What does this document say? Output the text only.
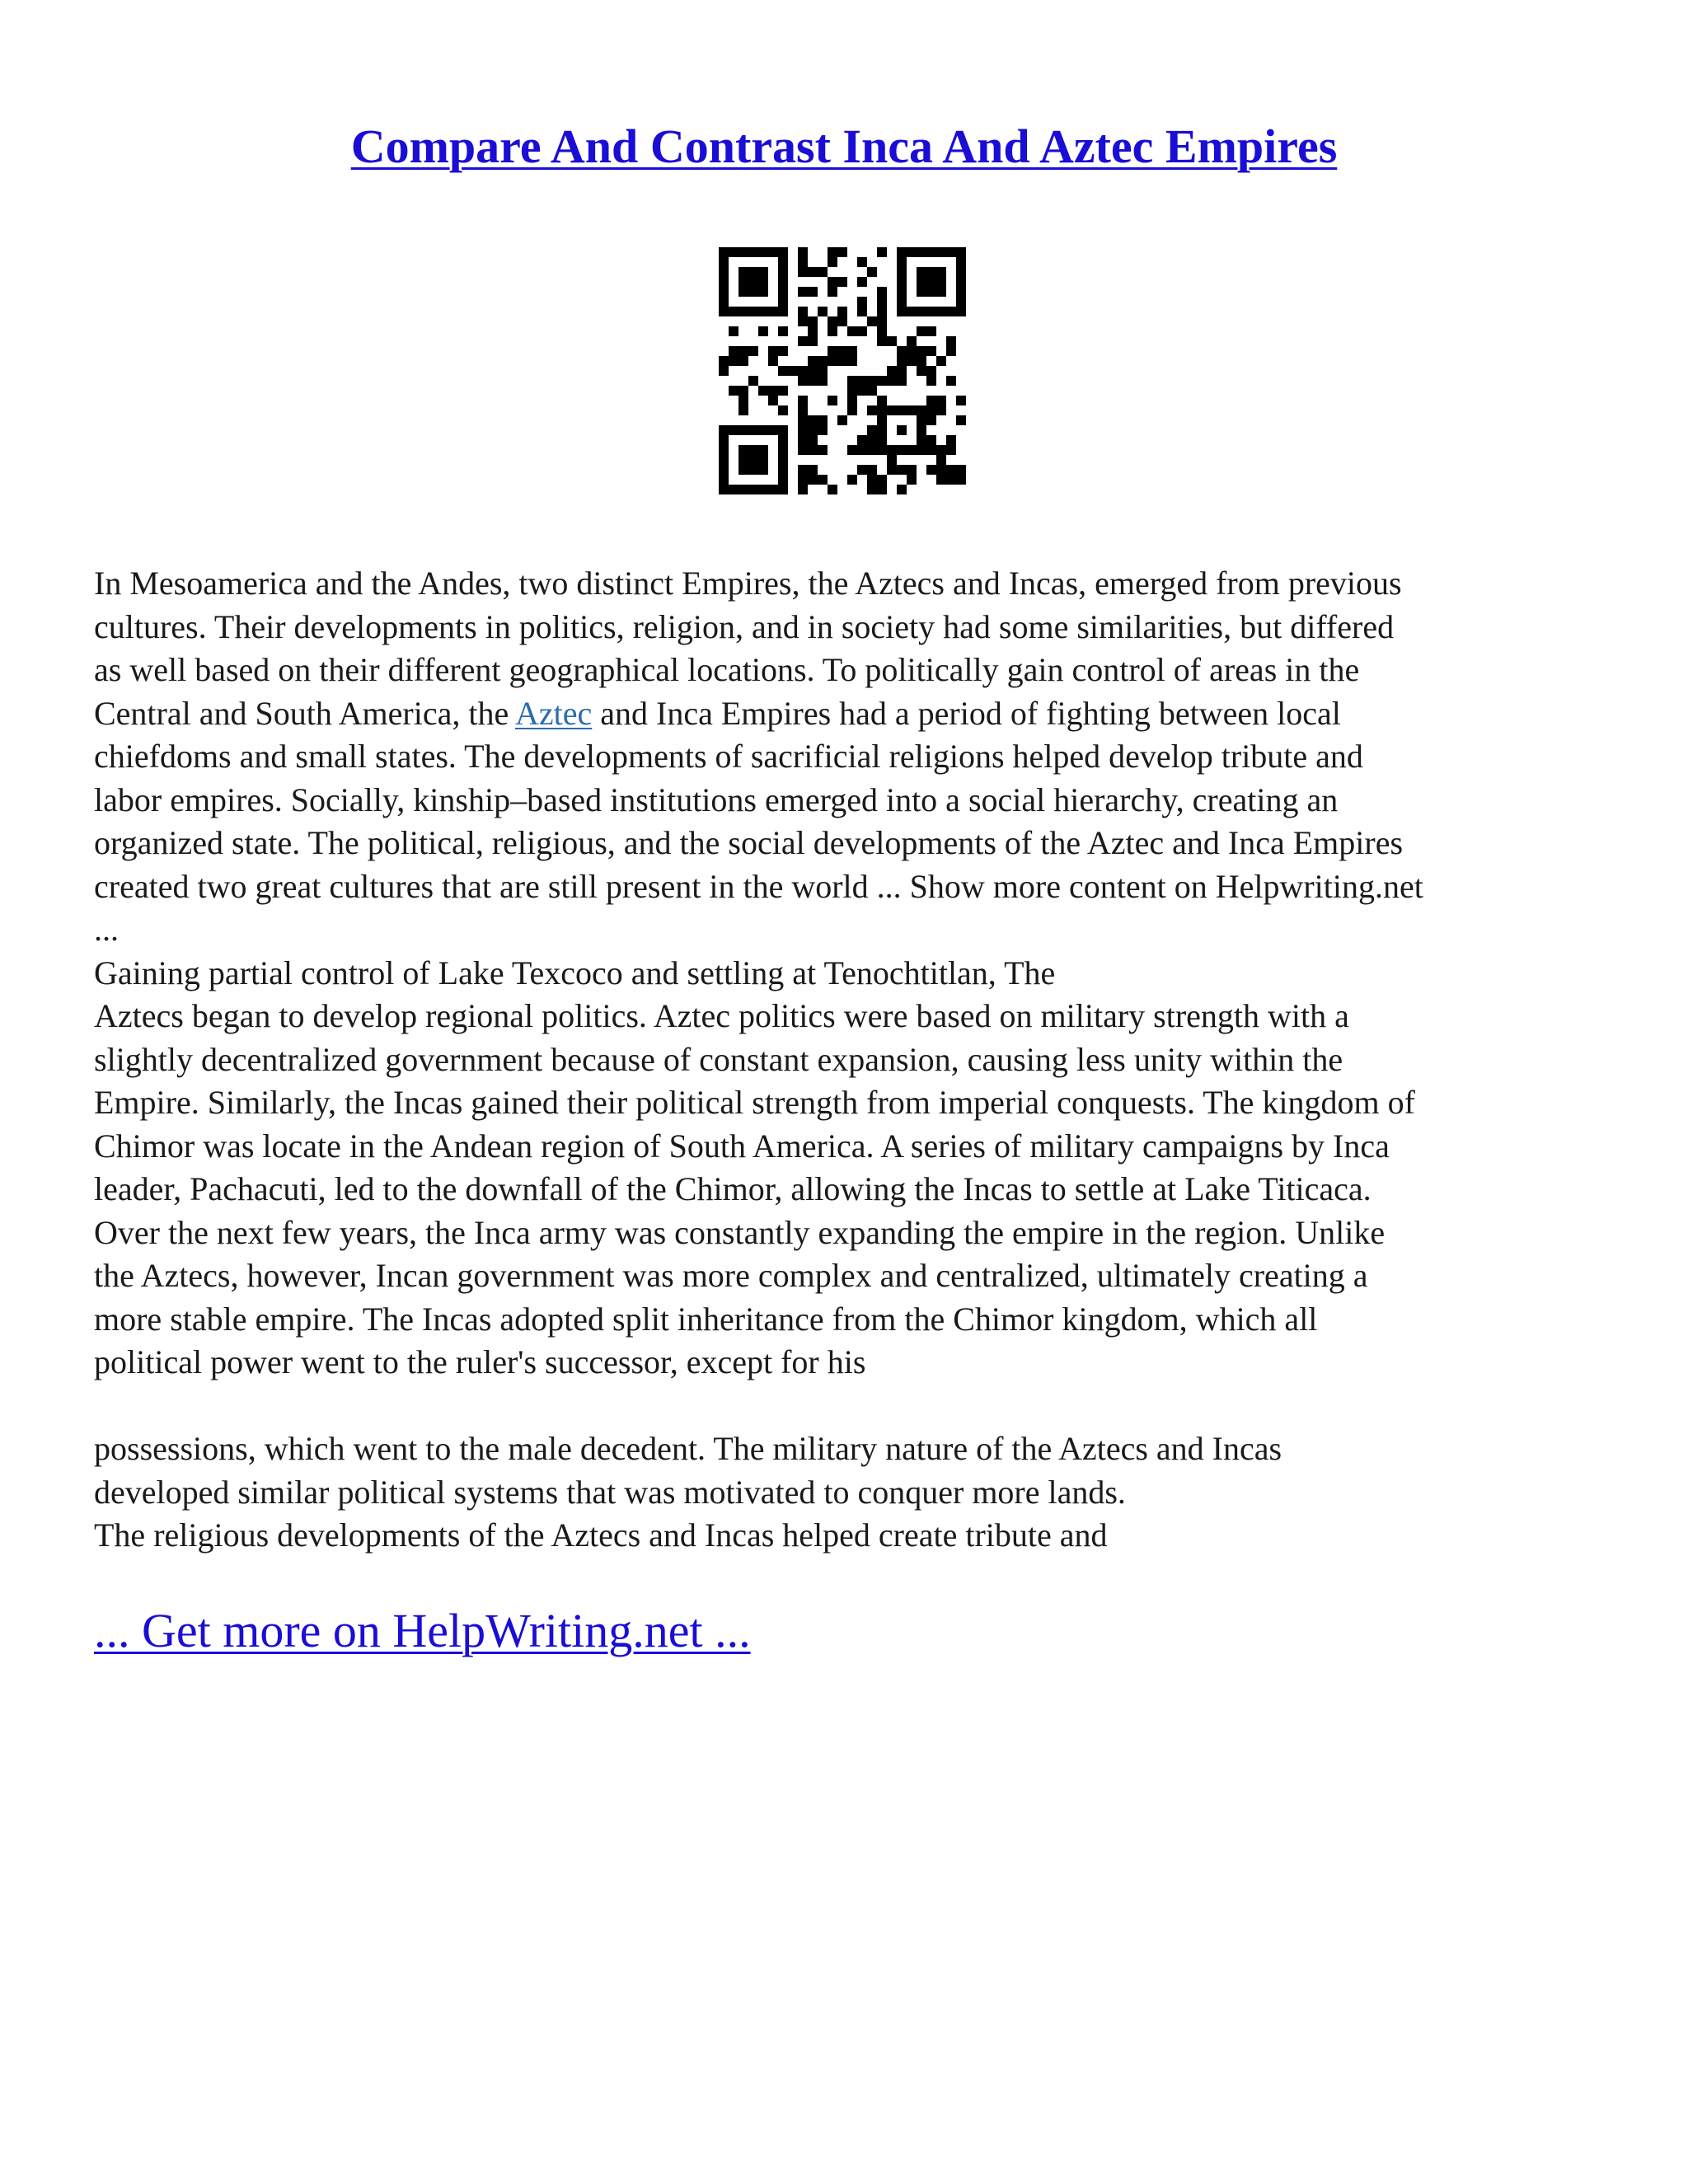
Compare And Contrast Inca And Aztec Empires
In Mesoamerica and the Andes, two distinct Empires, the Aztecs and Incas, emerged from previous
cultures. Their developments in politics, religion, and in society had some similarities, but differed
as well based on their different geographical locations. To politically gain control of areas in the
Central and South America, the Aztec and Inca Empires had a period of fighting between local
chiefdoms and small states. The developments of sacrificial religions helped develop tribute and
labor empires. Socially, kinship–based institutions emerged into a social hierarchy, creating an
organized state. The political, religious, and the social developments of the Aztec and Inca Empires
created two great cultures that are still present in the world ... Show more content on Helpwriting.net
...
Gaining partial control of Lake Texcoco and settling at Tenochtitlan, The
Aztecs began to develop regional politics. Aztec politics were based on military strength with a
slightly decentralized government because of constant expansion, causing less unity within the
Empire. Similarly, the Incas gained their political strength from imperial conquests. The kingdom of
Chimor was locate in the Andean region of South America. A series of military campaigns by Inca
leader, Pachacuti, led to the downfall of the Chimor, allowing the Incas to settle at Lake Titicaca.
Over the next few years, the Inca army was constantly expanding the empire in the region. Unlike
the Aztecs, however, Incan government was more complex and centralized, ultimately creating a
more stable empire. The Incas adopted split inheritance from the Chimor kingdom, which all
political power went to the ruler's successor, except for his
possessions, which went to the male decedent. The military nature of the Aztecs and Incas
developed similar political systems that was motivated to conquer more lands.
The religious developments of the Aztecs and Incas helped create tribute and
... Get more on HelpWriting.net ...
